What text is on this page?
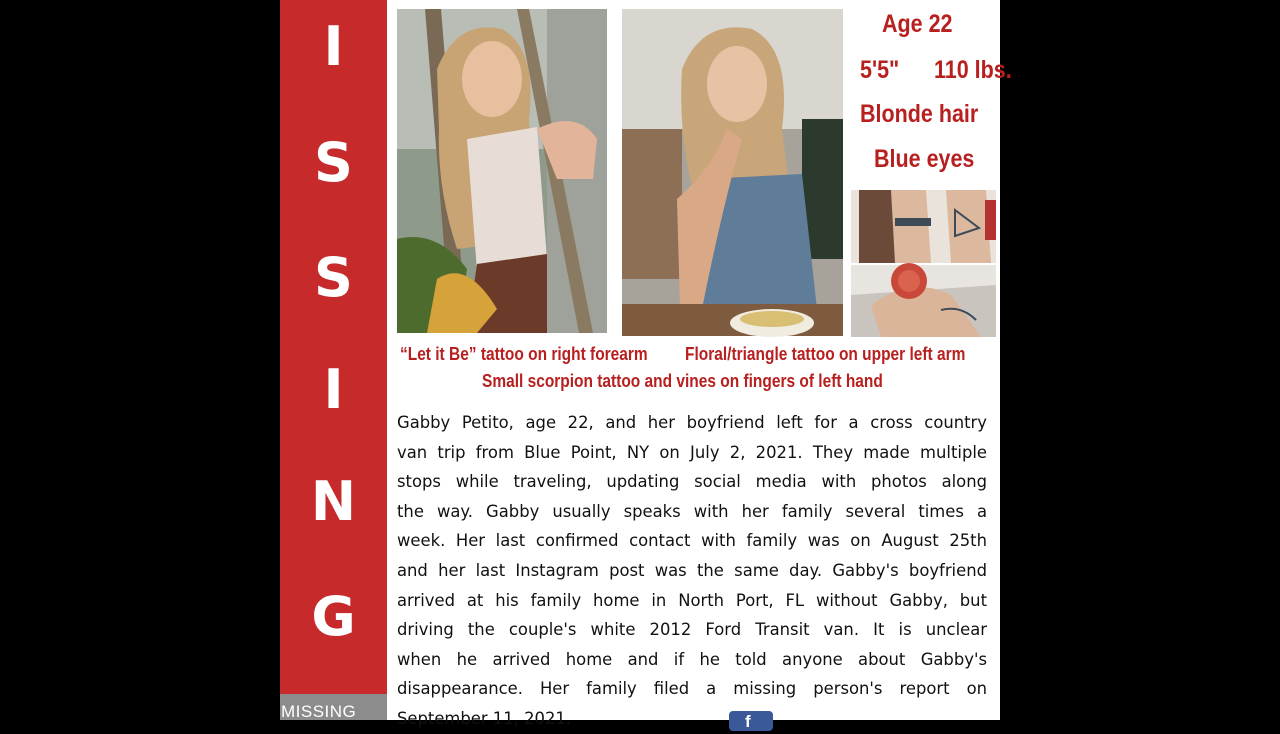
I
S
S
I
N
G
MISSING
Age 22
5'5" 110 lbs.
Blonde hair
Blue eyes
“Let it Be” tattoo on right forearm Floral/triangle tattoo on upper left arm
Small scorpion tattoo and vines on fingers of left hand
Gabby Petito, age 22, and her boyfriend left for a cross country
van trip from Blue Point, NY on July 2, 2021. They made multiple
stops while traveling, updating social media with photos along
the way. Gabby usually speaks with her family several times a
week. Her last confirmed contact with family was on August 25th
and her last Instagram post was the same day. Gabby's boyfriend
arrived at his family home in North Port, FL without Gabby, but
driving the couple's white 2012 Ford Transit van. It is unclear
when he arrived home and if he told anyone about Gabby's
disappearance. Her family filed a missing person's report on
September 11, 2021.	f
